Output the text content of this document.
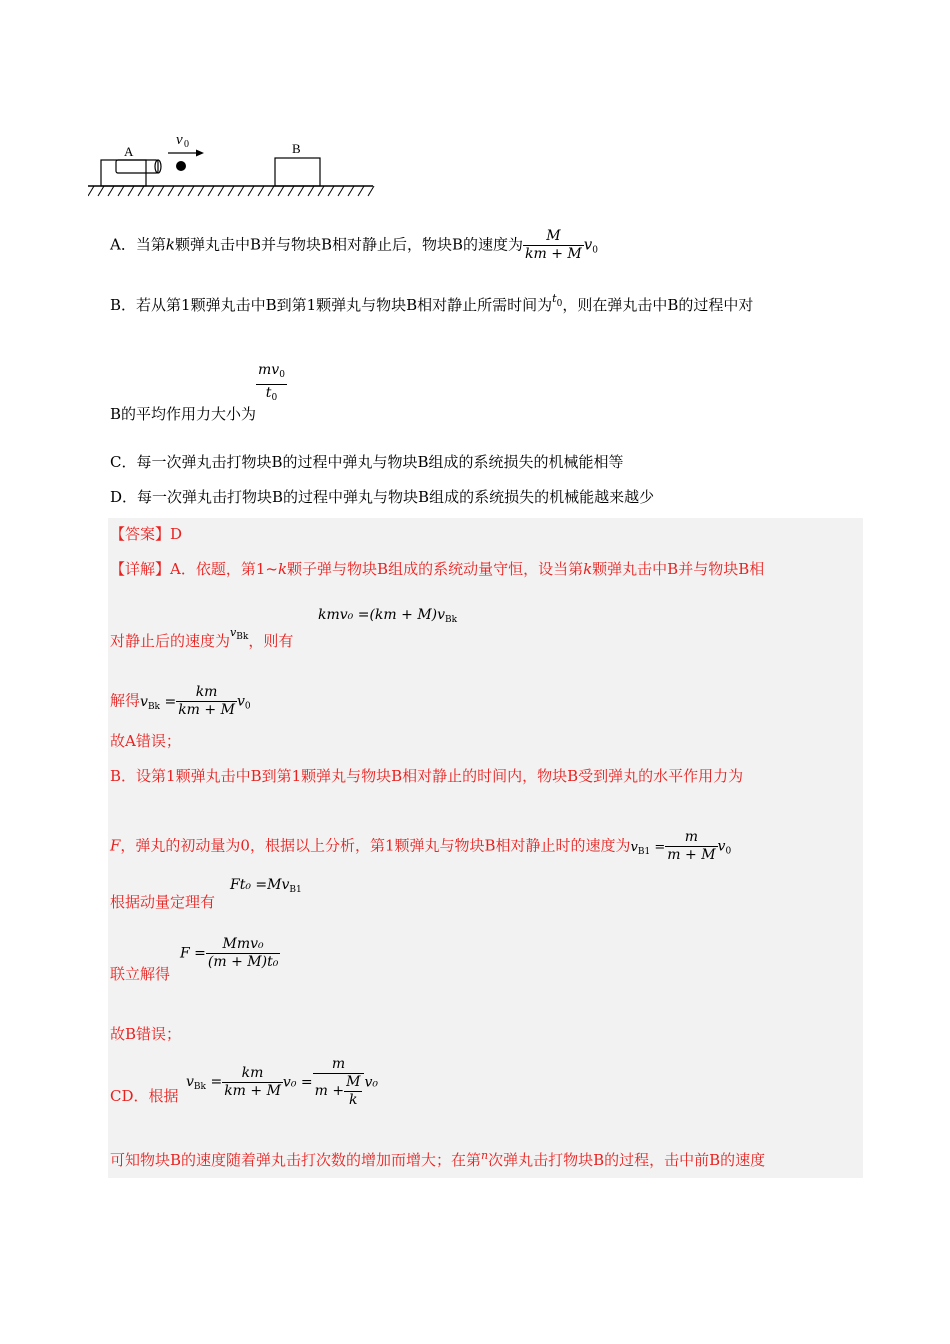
A
v 0	B
A．当第k颗弹丸击中B并与物块B相对静止后，物块B的速度为 $\frac{M}{km + M} v_0$
B．若从第1颗弹丸击中B到第1颗弹丸与物块B相对静止所需时间为$^{t0}$，则在弹丸击中B的过程中对
B的平均作用力大小为
$\frac{mv_0}{t_0}$
C．每一次弹丸击打物块B的过程中弹丸与物块B组成的系统损失的机械能相等
D．每一次弹丸击打物块B的过程中弹丸与物块B组成的系统损失的机械能越来越少
【答案】D
【详解】A．依题，第1~k颗子弹与物块B组成的系统动量守恒，设当第k颗弹丸击中B并与物块B相
对静止后的速度为$^{vBk}$，则有
$kmv_0 =(km + M)v_{Bk}$
解得$v_{Bk} = \frac{km}{km + M} v_0$
故A错误；
B．设第1颗弹丸击中B到第1颗弹丸与物块B相对静止的时间内，物块B受到弹丸的水平作用力为
F，弹丸的初动量为0，根据以上分析，第1颗弹丸与物块B相对静止时的速度为$v_{B1} = \frac{m}{m + M} v_0$
根据动量定理有
$Ft_0 =Mv_{B1}$
联立解得
$F = \frac{\text{Mmv₀}}{\text{(m + M)t₀}}$
故B错误；
CD．根据
$v_{Bk} = \frac{km}{km + M} v_0 = \frac{m}{m + \frac{M}{k}} v_0$
可知物块B的速度随着弹丸击打次数的增加而增大；在第$^n$次弹丸击打物块B的过程，击中前B的速度
